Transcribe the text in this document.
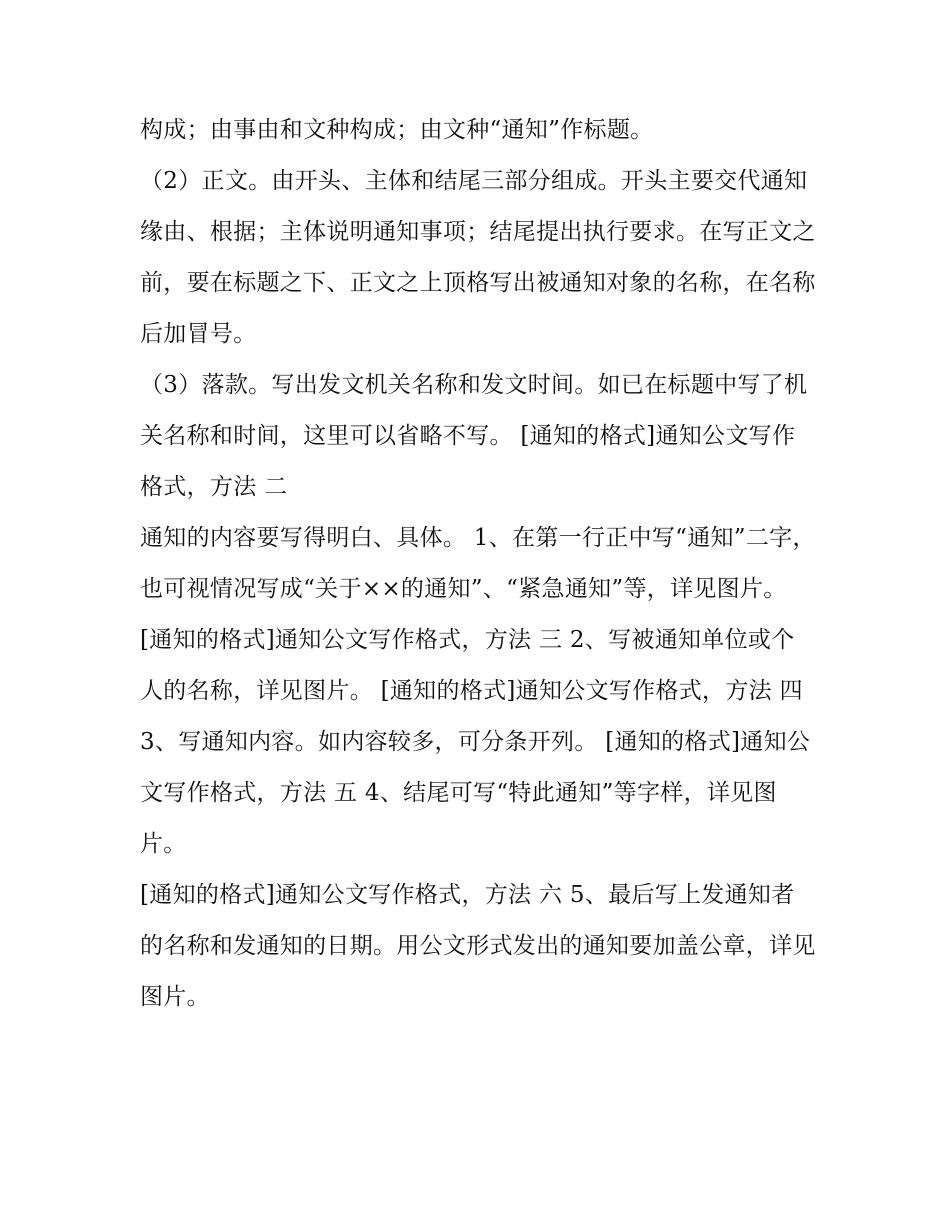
构成；由事由和文种构成；由文种“通知”作标题。

（2）正文。由开头、主体和结尾三部分组成。开头主要交代通知缘由、根据；主体说明通知事项；结尾提出执行要求。在写正文之前，要在标题之下、正文之上顶格写出被通知对象的名称，在名称后加冒号。

（3）落款。写出发文机关名称和发文时间。如已在标题中写了机关名称和时间，这里可以省略不写。 [通知的格式]通知公文写作格式，方法 二

通知的内容要写得明白、具体。 1、在第一行正中写“通知”二字，也可视情况写成“关于××的通知”、“紧急通知”等，详见图片。

[通知的格式]通知公文写作格式，方法 三 2、写被通知单位或个人的名称，详见图片。 [通知的格式]通知公文写作格式，方法 四

3、写通知内容。如内容较多，可分条开列。 [通知的格式]通知公文写作格式，方法 五 4、结尾可写“特此通知”等字样，详见图片。

[通知的格式]通知公文写作格式，方法 六 5、最后写上发通知者的名称和发通知的日期。用公文形式发出的通知要加盖公章，详见图片。
